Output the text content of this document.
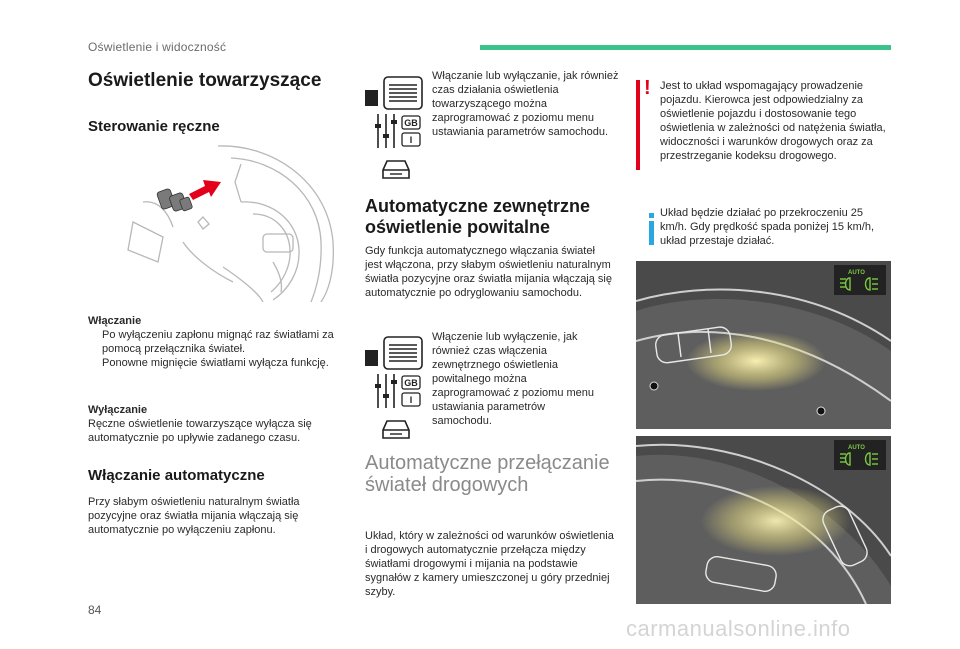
Oświetlenie i widoczność
Oświetlenie towarzyszące
Sterowanie ręczne
Włączanie
Po wyłączeniu zapłonu mignąć raz światłami za pomocą przełącznika świateł.
Ponowne mignięcie światłami wyłącza funkcję.
Wyłączanie
Ręczne oświetlenie towarzyszące wyłącza się automatycznie po upływie zadanego czasu.
Włączanie automatyczne
Przy słabym oświetleniu naturalnym światła pozycyjne oraz światła mijania włączają się automatycznie po wyłączeniu zapłonu.
GB
I
Włączanie lub wyłączanie, jak również czas działania oświetlenia towarzyszącego można zaprogramować z poziomu menu ustawiania parametrów samochodu.
Automatyczne zewnętrzne oświetlenie powitalne
Gdy funkcja automatycznego włączania świateł jest włączona, przy słabym oświetleniu naturalnym światła pozycyjne oraz światła mijania włączają się automatycznie po odryglowaniu samochodu.
GB
I
Włączenie lub wyłączenie, jak również czas włączenia zewnętrznego oświetlenia powitalnego można zaprogramować z poziomu menu ustawiania parametrów samochodu.
Automatyczne przełączanie świateł drogowych
Układ, który w zależności od warunków oświetlenia i drogowych automatycznie przełącza między światłami drogowymi i mijania na podstawie sygnałów z kamery umieszczonej u góry przedniej szyby.
! Jest to układ wspomagający prowadzenie pojazdu. Kierowca jest odpowiedzialny za oświetlenie pojazdu i dostosowanie tego oświetlenia w zależności od natężenia światła, widoczności i warunków drogowych oraz za przestrzeganie kodeksu drogowego.
Układ będzie działać po przekroczeniu 25 km/h. Gdy prędkość spada poniżej 15 km/h, układ przestaje działać.
AUTO
AUTO
84
carmanualsonline.info
